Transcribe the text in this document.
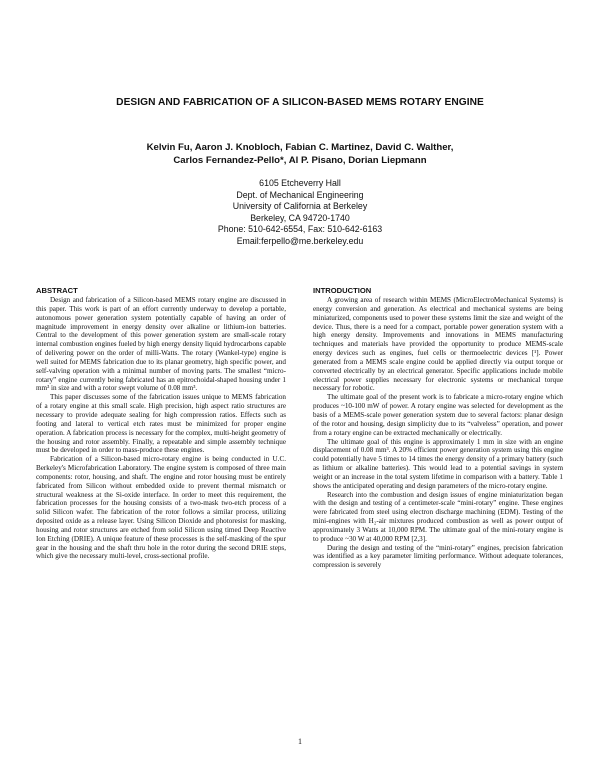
DESIGN AND FABRICATION OF A SILICON-BASED MEMS ROTARY ENGINE
Kelvin Fu, Aaron J. Knobloch, Fabian C. Martinez, David C. Walther,
Carlos Fernandez-Pello*, Al P. Pisano, Dorian Liepmann
6105 Etcheverry Hall
Dept. of Mechanical Engineering
University of California at Berkeley
Berkeley, CA 94720-1740
Phone: 510-642-6554, Fax: 510-642-6163
Email:ferpello@me.berkeley.edu
ABSTRACT

Design and fabrication of a Silicon-based MEMS rotary engine are discussed in this paper. This work is part of an effort currently underway to develop a portable, autonomous power generation system potentially capable of having an order of magnitude improvement in energy density over alkaline or lithium-ion batteries. Central to the development of this power generation system are small-scale rotary internal combustion engines fueled by high energy density liquid hydrocarbons capable of delivering power on the order of milli-Watts. The rotary (Wankel-type) engine is well suited for MEMS fabrication due to its planar geometry, high specific power, and self-valving operation with a minimal number of moving parts. The smallest “micro-rotary” engine currently being fabricated has an epitrochoidal-shaped housing under 1 mm³ in size and with a rotor swept volume of 0.08 mm³.

This paper discusses some of the fabrication issues unique to MEMS fabrication of a rotary engine at this small scale. High precision, high aspect ratio structures are necessary to provide adequate sealing for high compression ratios. Effects such as footing and lateral to vertical etch rates must be minimized for proper engine operation. A fabrication process is necessary for the complex, multi-height geometry of the housing and rotor assembly. Finally, a repeatable and simple assembly technique must be developed in order to mass-produce these engines.

Fabrication of a Silicon-based micro-rotary engine is being conducted in U.C. Berkeley's Microfabrication Laboratory. The engine system is composed of three main components: rotor, housing, and shaft. The engine and rotor housing must be entirely fabricated from Silicon without embedded oxide to prevent thermal mismatch or structural weakness at the Si-oxide interface. In order to meet this requirement, the fabrication processes for the housing consists of a two-mask two-etch process of a solid Silicon wafer. The fabrication of the rotor follows a similar process, utilizing deposited oxide as a release layer. Using Silicon Dioxide and photoresist for masking, housing and rotor structures are etched from solid Silicon using timed Deep Reactive Ion Etching (DRIE). A unique feature of these processes is the self-masking of the spur gear in the housing and the shaft thru hole in the rotor during the second DRIE steps, which give the necessary multi-level, cross-sectional profile.

INTRODUCTION

A growing area of research within MEMS (MicroElectroMechanical Systems) is energy conversion and generation. As electrical and mechanical systems are being miniaturized, components used to power these systems limit the size and weight of the device. Thus, there is a need for a compact, portable power generation system with a high energy density. Improvements and innovations in MEMS manufacturing techniques and materials have provided the opportunity to produce MEMS-scale energy devices such as engines, fuel cells or thermoelectric devices [¹]. Power generated from a MEMS scale engine could be applied directly via output torque or converted electrically by an electrical generator. Specific applications include mobile electrical power supplies necessary for electronic systems or mechanical torque necessary for robotic.

The ultimate goal of the present work is to fabricate a micro-rotary engine which produces ~10-100 mW of power. A rotary engine was selected for development as the basis of a MEMS-scale power generation system due to several factors: planar design of the rotor and housing, design simplicity due to its “valveless” operation, and power from a rotary engine can be extracted mechanically or electrically.

The ultimate goal of this engine is approximately 1 mm in size with an engine displacement of 0.08 mm³. A 20% efficient power generation system using this engine could potentially have 5 times to 14 times the energy density of a primary battery (such as lithium or alkaline batteries). This would lead to a potential savings in system weight or an increase in the total system lifetime in comparison with a battery. Table 1 shows the anticipated operating and design parameters of the micro-rotary engine.

Research into the combustion and design issues of engine miniaturization began with the design and testing of a centimeter-scale “mini-rotary” engine. These engines were fabricated from steel using electron discharge machining (EDM). Testing of the mini-engines with H₂-air mixtures produced combustion as well as power output of approximately 3 Watts at 10,000 RPM. The ultimate goal of the mini-rotary engine is to produce ~30 W at 40,000 RPM [2,3].

During the design and testing of the “mini-rotary” engines, precision fabrication was identified as a key parameter limiting performance. Without adequate tolerances, compression is severely

1
